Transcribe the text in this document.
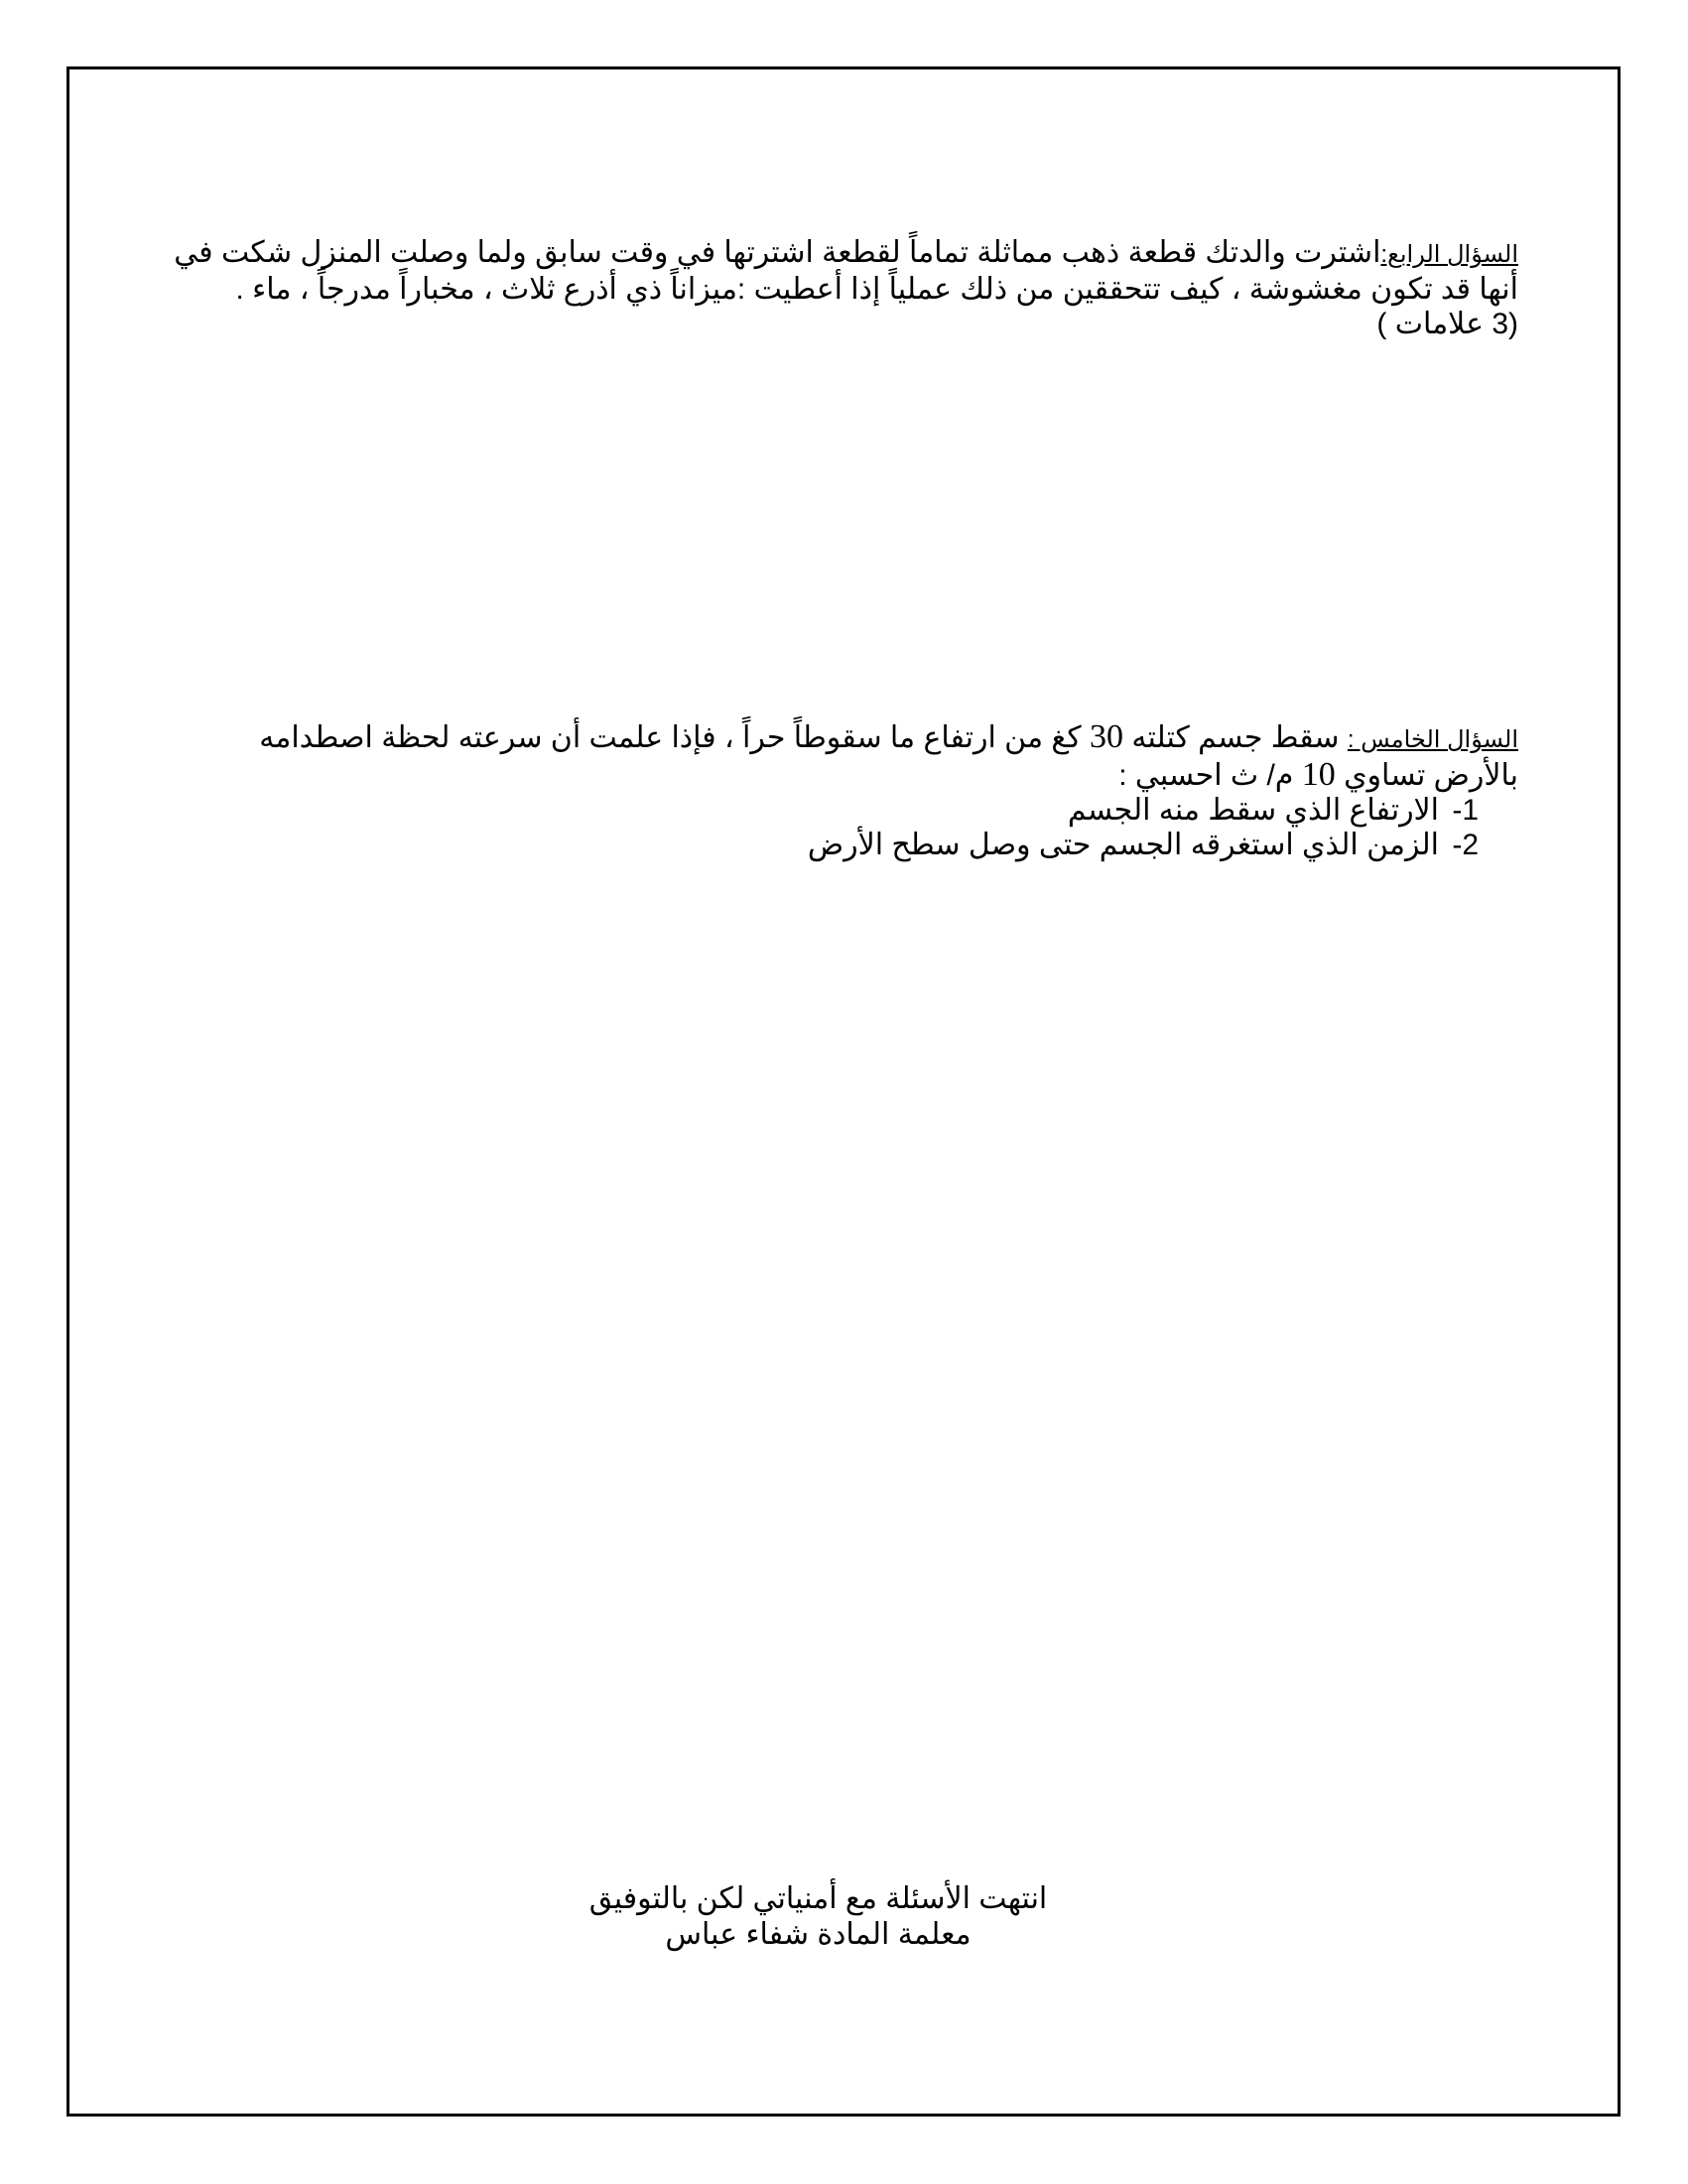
السؤال الرابع:اشترت والدتك قطعة ذهب مماثلة تماماً لقطعة اشترتها في وقت سابق ولما وصلت المنزل شكت في
أنها قد تكون مغشوشة ، كيف تتحققين من ذلك عملياً إذا أعطيت :ميزاناً ذي أذرع ثلاث ، مخباراً مدرجاً ، ماء .
(3 علامات )
السؤال الخامس : سقط جسم كتلته 30 كغ من ارتفاع ما سقوطاً حراً ، فإذا علمت أن سرعته لحظة اصطدامه
بالأرض تساوي 10 م/ ث احسبي :
1-الارتفاع الذي سقط منه الجسم
2-الزمن الذي استغرقه الجسم حتى وصل سطح الأرض
انتهت الأسئلة مع أمنياتي لكن بالتوفيق
معلمة المادة شفاء عباس
